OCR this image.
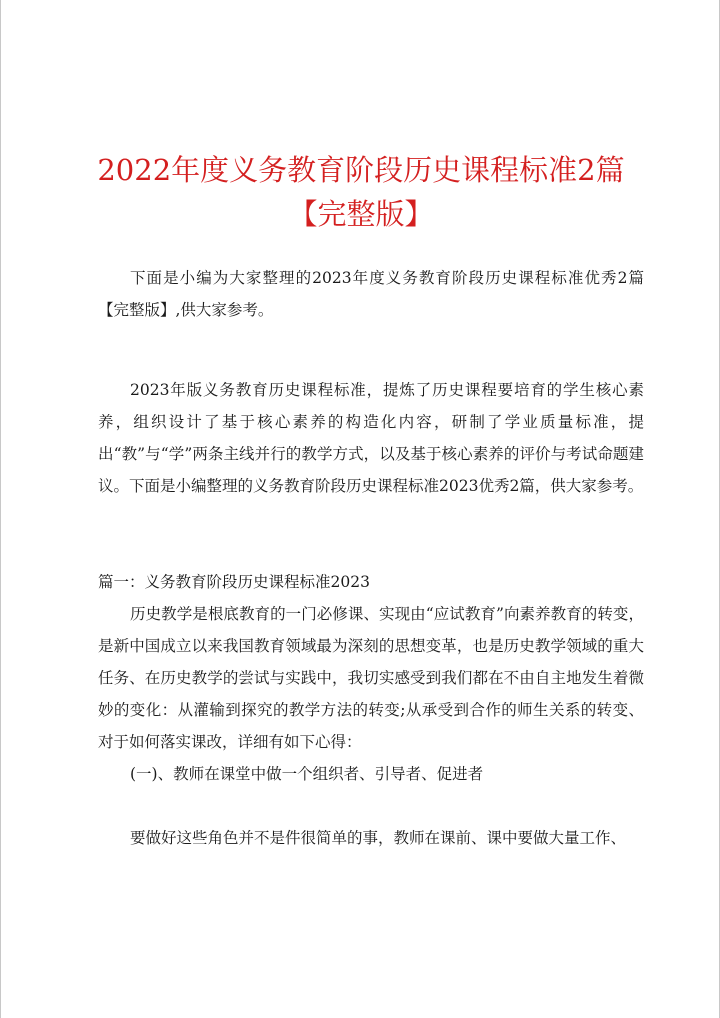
2022年度义务教育阶段历史课程标准2篇【完整版】

下面是小编为大家整理的2023年度义务教育阶段历史课程标准优秀2篇【完整版】,供大家参考。

2023年版义务教育历史课程标准，提炼了历史课程要培育的学生核心素养，组织设计了基于核心素养的构造化内容，研制了学业质量标准，提出“教”与“学”两条主线并行的教学方式，以及基于核心素养的评价与考试命题建议。下面是小编整理的义务教育阶段历史课程标准2023优秀2篇，供大家参考。

篇一：义务教育阶段历史课程标准2023

历史教学是根底教育的一门必修课、实现由“应试教育”向素养教育的转变，是新中国成立以来我国教育领域最为深刻的思想变革，也是历史教学领域的重大任务、在历史教学的尝试与实践中，我切实感受到我们都在不由自主地发生着微妙的变化：从灌输到探究的教学方法的转变;从承受到合作的师生关系的转变、对于如何落实课改，详细有如下心得：

(一)、教师在课堂中做一个组织者、引导者、促进者

要做好这些角色并不是件很简单的事，教师在课前、课中要做大量工作、
